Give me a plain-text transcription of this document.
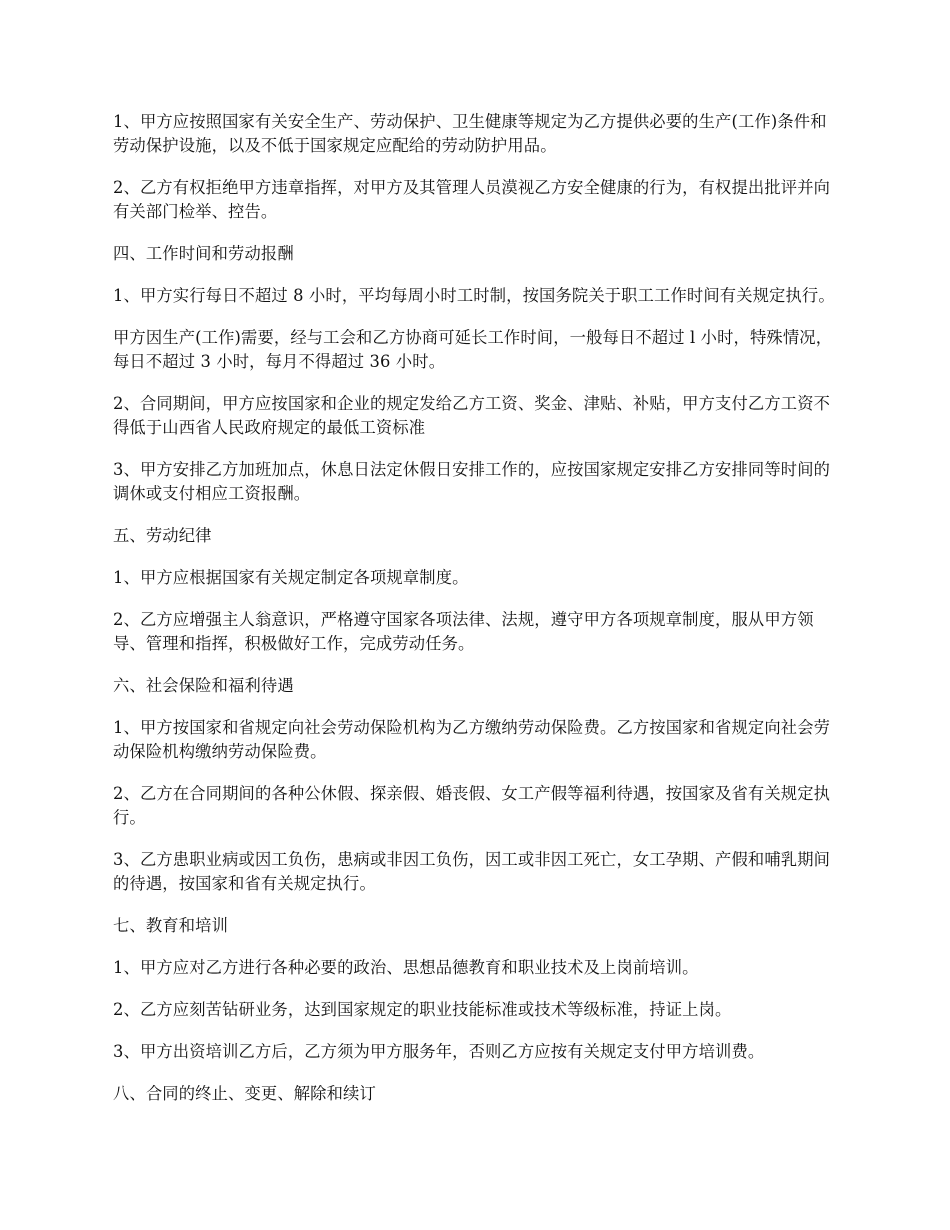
1、甲方应按照国家有关安全生产、劳动保护、卫生健康等规定为乙方提供必要的生产(工作)条件和劳动保护设施，以及不低于国家规定应配给的劳动防护用品。

2、乙方有权拒绝甲方违章指挥，对甲方及其管理人员漠视乙方安全健康的行为，有权提出批评并向有关部门检举、控告。

四、工作时间和劳动报酬

1、甲方实行每日不超过 8 小时，平均每周小时工时制，按国务院关于职工工作时间有关规定执行。

甲方因生产(工作)需要，经与工会和乙方协商可延长工作时间，一般每日不超过 l 小时，特殊情况，每日不超过 3 小时，每月不得超过 36 小时。

2、合同期间，甲方应按国家和企业的规定发给乙方工资、奖金、津贴、补贴，甲方支付乙方工资不得低于山西省人民政府规定的最低工资标准

3、甲方安排乙方加班加点，休息日法定休假日安排工作的，应按国家规定安排乙方安排同等时间的调休或支付相应工资报酬。

五、劳动纪律

1、甲方应根据国家有关规定制定各项规章制度。

2、乙方应增强主人翁意识，严格遵守国家各项法律、法规，遵守甲方各项规章制度，服从甲方领导、管理和指挥，积极做好工作，完成劳动任务。

六、社会保险和福利待遇

1、甲方按国家和省规定向社会劳动保险机构为乙方缴纳劳动保险费。乙方按国家和省规定向社会劳动保险机构缴纳劳动保险费。

2、乙方在合同期间的各种公休假、探亲假、婚丧假、女工产假等福利待遇，按国家及省有关规定执行。

3、乙方患职业病或因工负伤，患病或非因工负伤，因工或非因工死亡，女工孕期、产假和哺乳期间的待遇，按国家和省有关规定执行。

七、教育和培训

1、甲方应对乙方进行各种必要的政治、思想品德教育和职业技术及上岗前培训。

2、乙方应刻苦钻研业务，达到国家规定的职业技能标准或技术等级标准，持证上岗。

3、甲方出资培训乙方后，乙方须为甲方服务年，否则乙方应按有关规定支付甲方培训费。

八、合同的终止、变更、解除和续订
